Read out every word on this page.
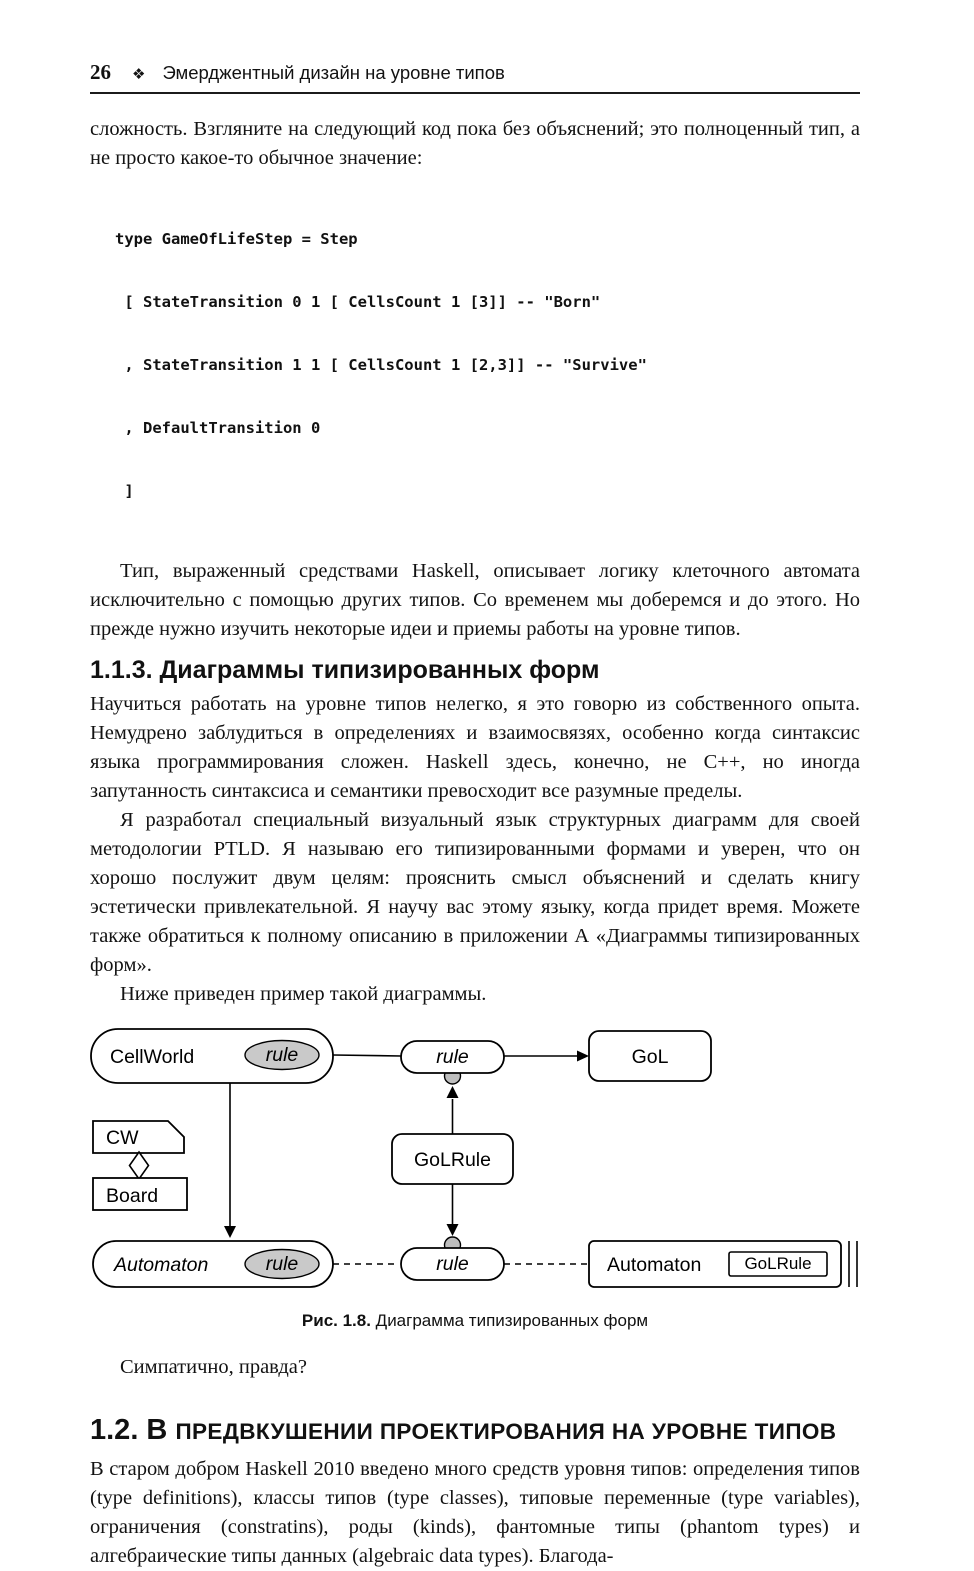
26 ❖ Эмерджентный дизайн на уровне типов

сложность. Взгляните на следующий код пока без объяснений; это полноценный тип, а не просто какое-то обычное значение:

type GameOfLifeStep = Step

[ StateTransition 0 1 [ CellsCount 1 [3]] -- "Born"

, StateTransition 1 1 [ CellsCount 1 [2,3]] -- "Survive"

, DefaultTransition 0

]

Тип, выраженный средствами Haskell, описывает логику клеточного автомата исключительно с помощью других типов. Со временем мы доберемся и до этого. Но прежде нужно изучить некоторые идеи и приемы работы на уровне типов.

1.1.3. Диаграммы типизированных форм

Научиться работать на уровне типов нелегко, я это говорю из собственного опыта. Немудрено заблудиться в определениях и взаимосвязях, особенно когда синтаксис языка программирования сложен. Haskell здесь, конечно, не C++, но иногда запутанность синтаксиса и семантики превосходит все разумные пределы.

Я разработал специальный визуальный язык структурных диаграмм для своей методологии PTLD. Я называю его типизированными формами и уверен, что он хорошо послужит двум целям: прояснить смысл объяснений и сделать книгу эстетически привлекательной. Я научу вас этому языку, когда придет время. Можете также обратиться к полному описанию в приложении А «Диаграммы типизированных форм».

Ниже приведен пример такой диаграммы.

CellWorld	rule	rule	GoL
CW
Board
GoLRule
Automaton	rule	rule	Automaton	GoLRule
Рис. 1.8. Диаграмма типизированных форм

Симпатично, правда?

1.2. В ПРЕДВКУШЕНИИ ПРОЕКТИРОВАНИЯ НА УРОВНЕ ТИПОВ

В старом добром Haskell 2010 введено много средств уровня типов: определения типов (type definitions), классы типов (type classes), типовые переменные (type variables), ограничения (constratins), роды (kinds), фантомные типы (phantom types) и алгебраические типы данных (algebraic data types). Благода-
